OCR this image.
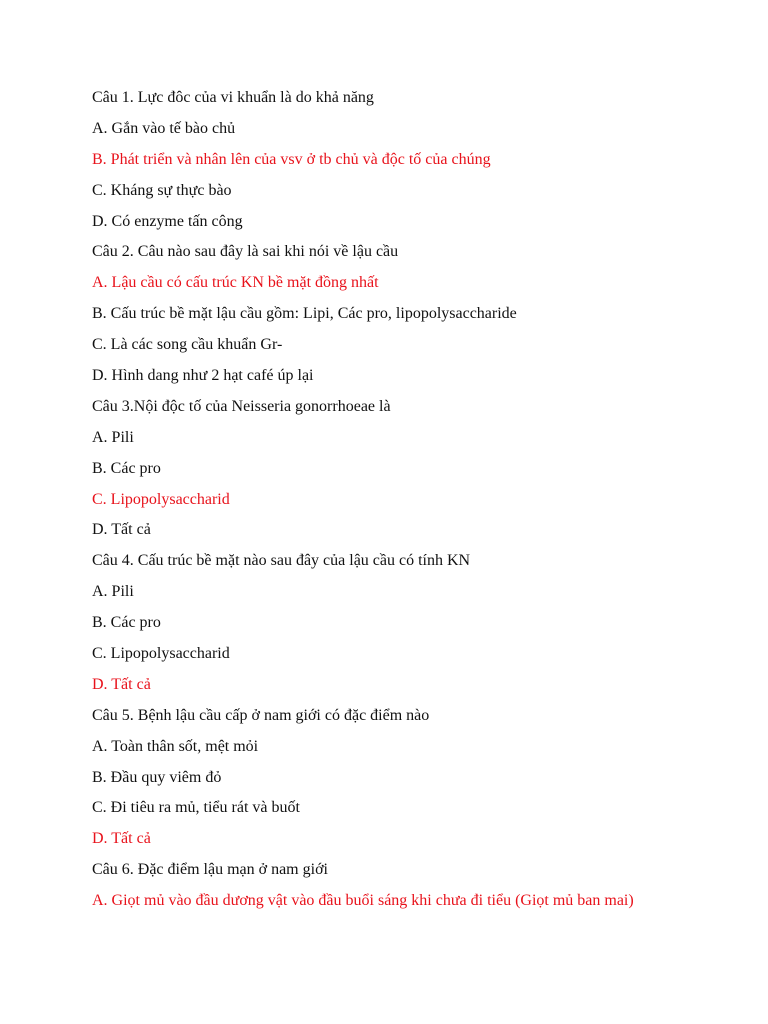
Câu 1. Lực đôc của vi khuẩn là do khả năng
A. Gắn vào tế bào chủ
B. Phát triển và nhân lên của vsv ở tb chủ và độc tố của chúng
C. Kháng sự thực bào
D. Có enzyme tấn công
Câu 2. Câu nào sau đây là sai khi nói về lậu cầu
A. Lậu cầu có cấu trúc KN bề mặt đồng nhất
B. Cấu trúc bề mặt lậu cầu gồm: Lipi, Các pro, lipopolysaccharide
C. Là các song cầu khuẩn Gr-
D. Hình dang như 2 hạt café úp lại
Câu 3.Nội độc tố của Neisseria gonorrhoeae là
A. Pili
B. Các pro
C. Lipopolysaccharid
D. Tất cả
Câu 4. Cấu trúc bề mặt nào sau đây của lậu cầu có tính KN
A. Pili
B. Các pro
C. Lipopolysaccharid
D. Tất cả
Câu 5. Bệnh lậu cầu cấp ở nam giới có đặc điểm nào
A. Toàn thân sốt, mệt mỏi
B. Đầu quy viêm đỏ
C. Đi tiêu ra mủ, tiểu rát và buốt
D. Tất cả
Câu 6. Đặc điểm lậu mạn ở nam giới
A. Giọt mủ vào đầu dương vật vào đầu buổi sáng khi chưa đi tiểu (Giọt mủ ban mai)
